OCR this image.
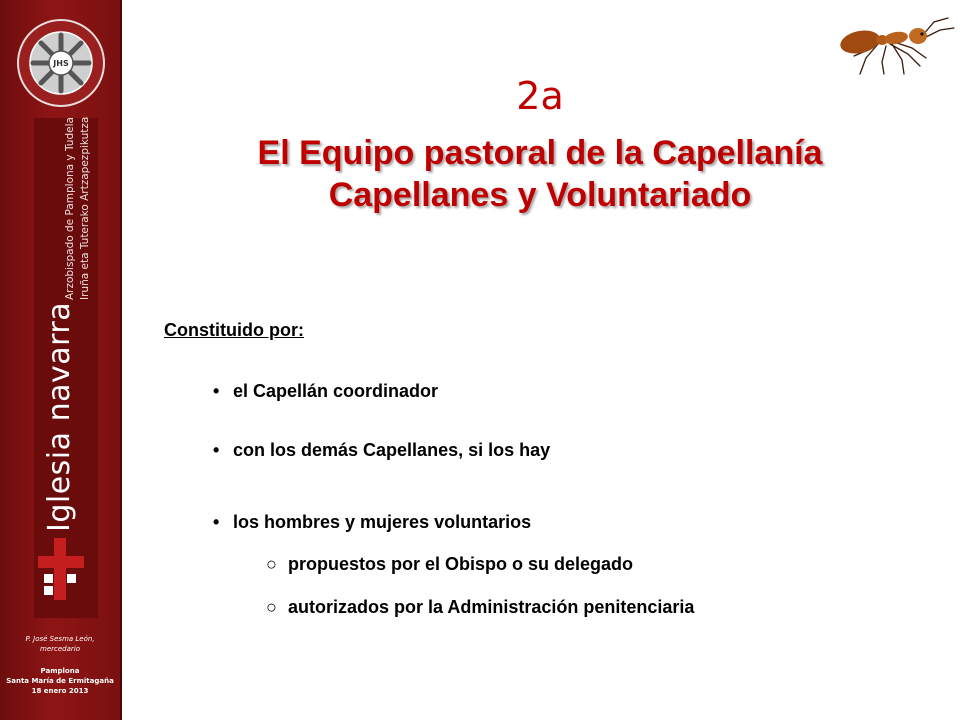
JHS
Iglesia navarra
Arzobispado de Pamplona y Tudela Iruña eta Tuterako Artzapezpikutza
P. José Sesma León,
mercedario
Pamplona
Santa María de Ermitagaña
18 enero 2013
2a
El Equipo pastoral de la Capellanía
Capellanes y Voluntariado
Constituido por:
• el Capellán coordinador
• con los demás Capellanes, si los hay
• los hombres y mujeres voluntarios
○ propuestos por el Obispo o su delegado
○ autorizados por la Administración penitenciaria
